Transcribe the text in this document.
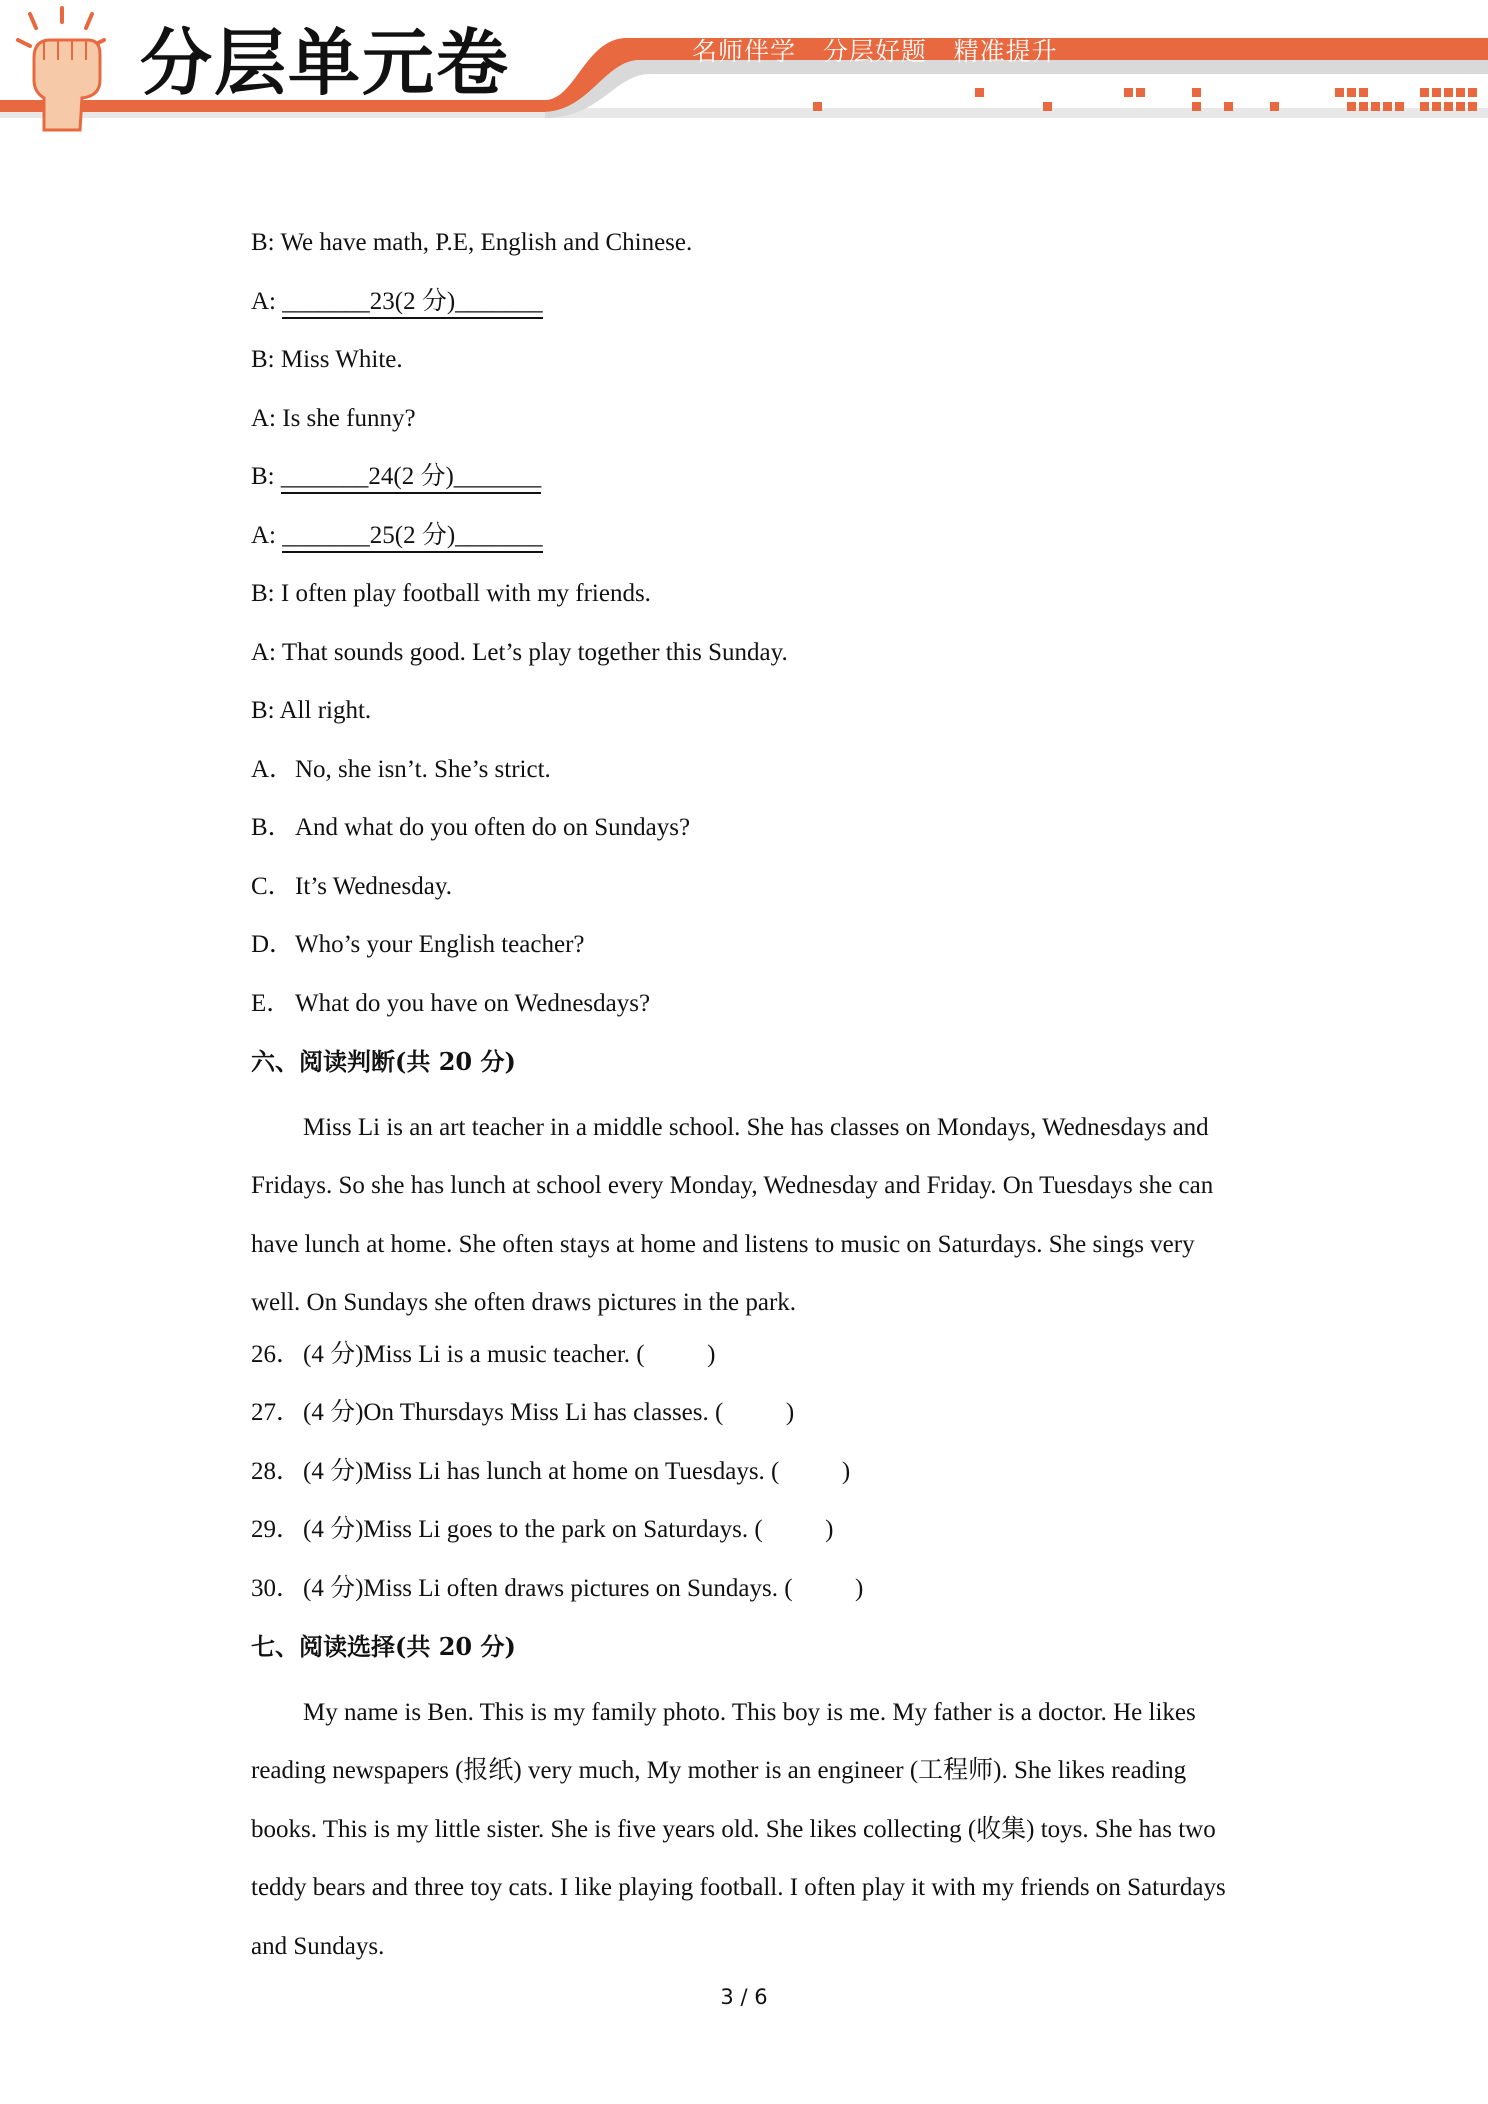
分层单元卷	名师伴学   分层好题   精准提升
B: We have math, P.E, English and Chinese.
A: _______23(2 分)_______
B: Miss White.
A: Is she funny?
B: _______24(2 分)_______
A: _______25(2 分)_______
B: I often play football with my friends.
A: That sounds good. Let’s play together this Sunday.
B: All right.
A．No, she isn’t. She’s strict.
B．And what do you often do on Sundays?
C．It’s Wednesday.
D．Who’s your English teacher?
E． What do you have on Wednesdays?
六、阅读判断(共 20 分)

Miss Li is an art teacher in a middle school. She has classes on Mondays, Wednesdays and Fridays. So she has lunch at school every Monday, Wednesday and Friday. On Tuesdays she can have lunch at home. She often stays at home and listens to music on Saturdays. She sings very well. On Sundays she often draws pictures in the park.

26．(4 分)Miss Li is a music teacher. (          )
27．(4 分)On Thursdays Miss Li has classes. (          )
28．(4 分)Miss Li has lunch at home on Tuesdays. (          )
29．(4 分)Miss Li goes to the park on Saturdays. (          )
30．(4 分)Miss Li often draws pictures on Sundays. (          )
七、阅读选择(共 20 分)

My name is Ben. This is my family photo. This boy is me. My father is a doctor. He likes reading newspapers (报纸) very much, My mother is an engineer (工程师). She likes reading books. This is my little sister. She is five years old. She likes collecting (收集) toys. She has two teddy bears and three toy cats. I like playing football. I often play it with my friends on Saturdays and Sundays.

3 / 6
